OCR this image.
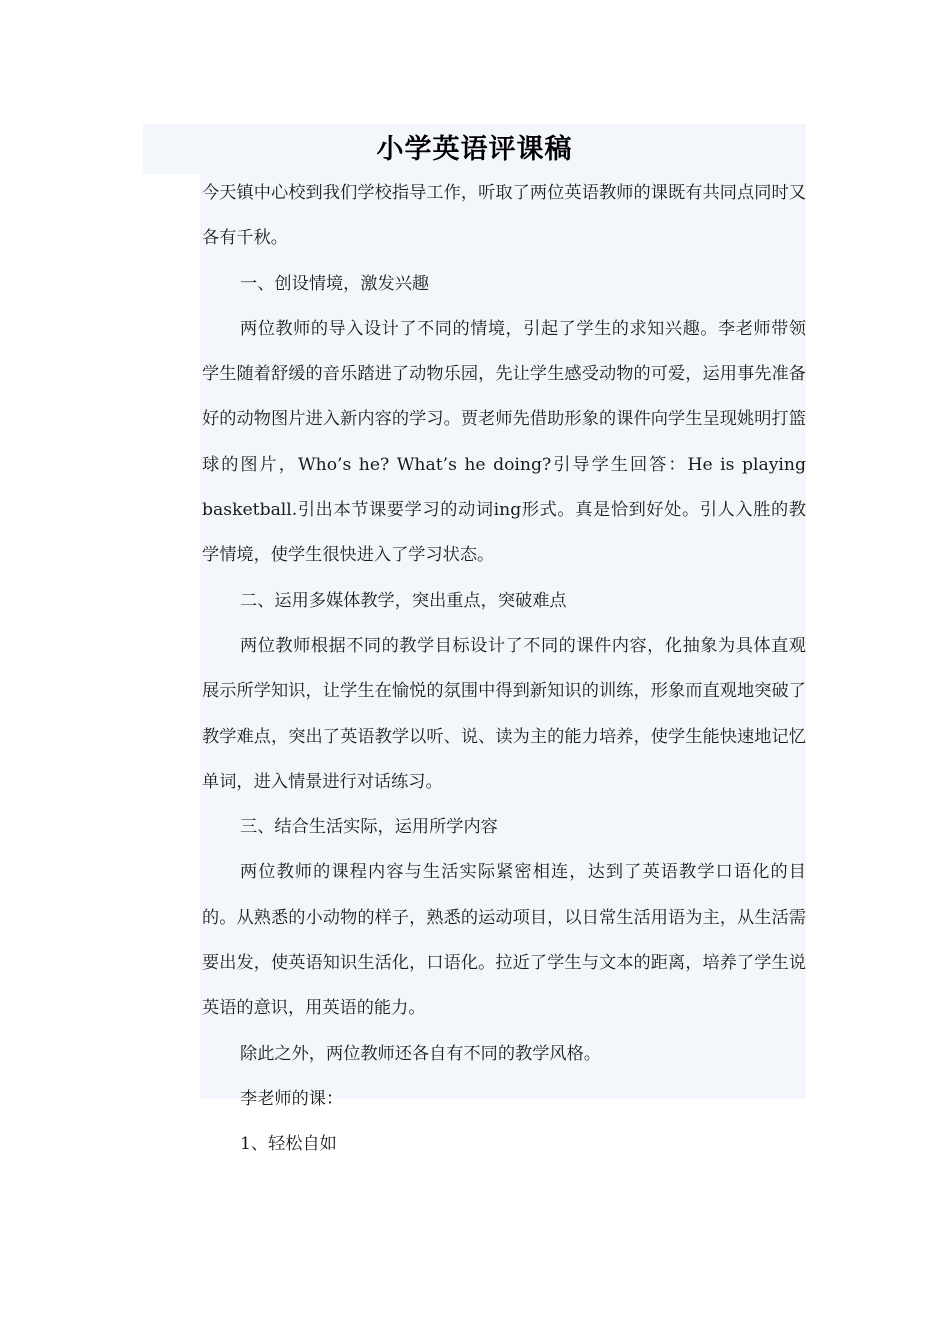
小学英语评课稿

今天镇中心校到我们学校指导工作，听取了两位英语教师的课既有共同点同时又各有千秋。

一、创设情境，激发兴趣

两位教师的导入设计了不同的情境，引起了学生的求知兴趣。李老师带领学生随着舒缓的音乐踏进了动物乐园，先让学生感受动物的可爱，运用事先准备好的动物图片进入新内容的学习。贾老师先借助形象的课件向学生呈现姚明打篮球的图片，Who’s he? What’s he doing?引导学生回答：He is playing basketball.引出本节课要学习的动词ing形式。真是恰到好处。引人入胜的教学情境，使学生很快进入了学习状态。

二、运用多媒体教学，突出重点，突破难点

两位教师根据不同的教学目标设计了不同的课件内容，化抽象为具体直观展示所学知识，让学生在愉悦的氛围中得到新知识的训练，形象而直观地突破了教学难点，突出了英语教学以听、说、读为主的能力培养，使学生能快速地记忆单词，进入情景进行对话练习。

三、结合生活实际，运用所学内容

两位教师的课程内容与生活实际紧密相连，达到了英语教学口语化的目的。从熟悉的小动物的样子，熟悉的运动项目，以日常生活用语为主，从生活需要出发，使英语知识生活化，口语化。拉近了学生与文本的距离，培养了学生说英语的意识，用英语的能力。

除此之外，两位教师还各自有不同的教学风格。

李老师的课：

1、轻松自如
